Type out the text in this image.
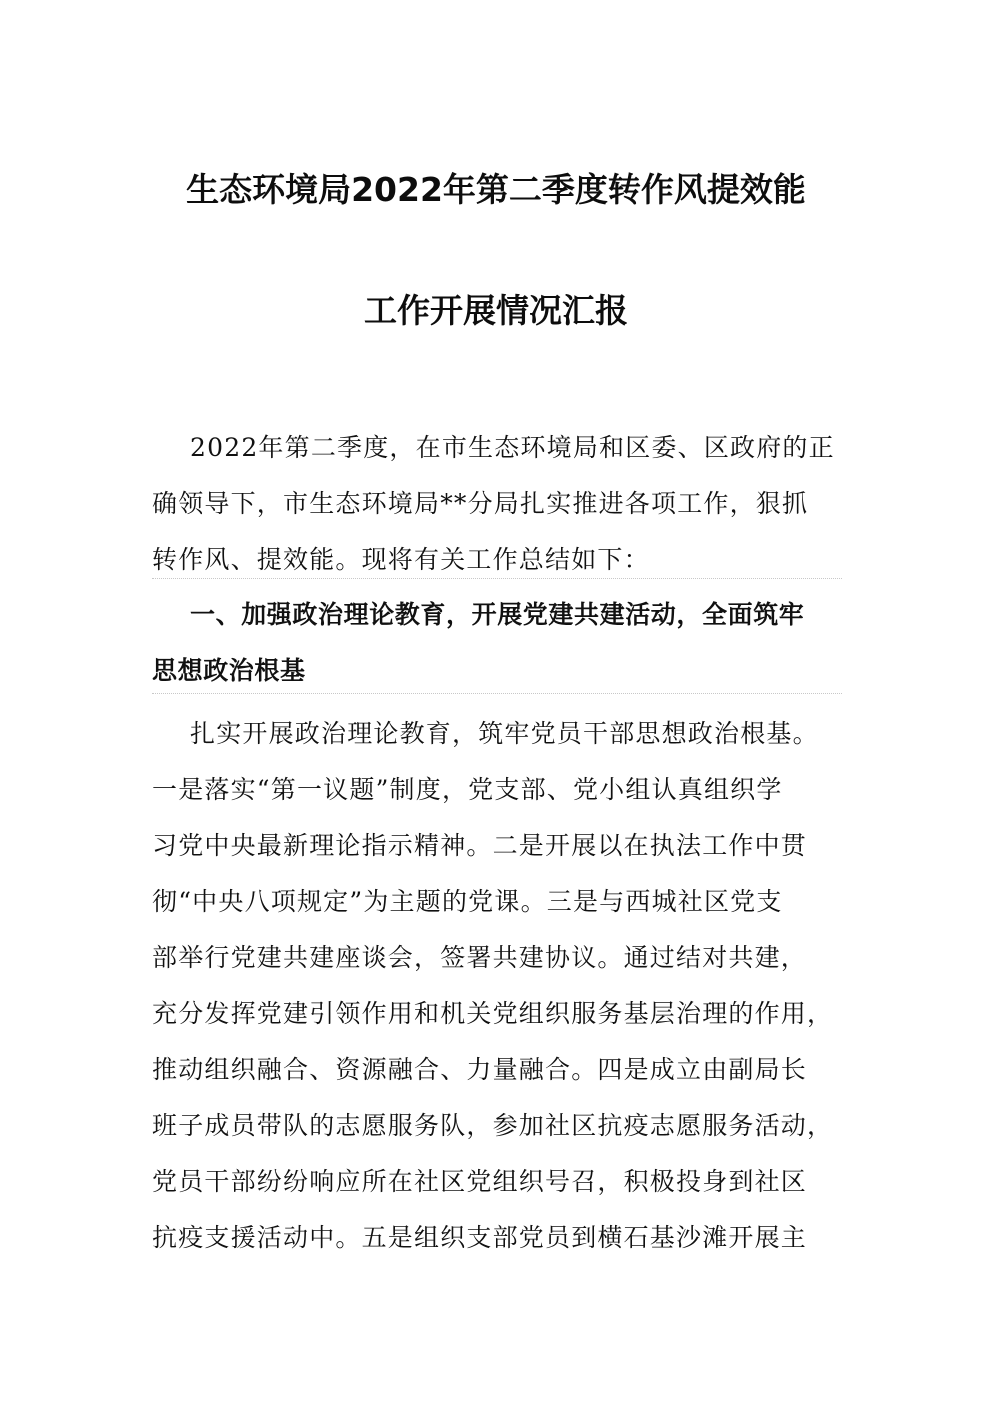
生态环境局2022年第二季度转作风提效能
工作开展情况汇报
2022年第二季度，在市生态环境局和区委、区政府的正
确领导下，市生态环境局**分局扎实推进各项工作，狠抓
转作风、提效能。现将有关工作总结如下：
一、加强政治理论教育，开展党建共建活动，全面筑牢
思想政治根基
扎实开展政治理论教育，筑牢党员干部思想政治根基。
一是落实“第一议题”制度，党支部、党小组认真组织学
习党中央最新理论指示精神。二是开展以在执法工作中贯
彻“中央八项规定”为主题的党课。三是与西城社区党支
部举行党建共建座谈会，签署共建协议。通过结对共建，
充分发挥党建引领作用和机关党组织服务基层治理的作用，
推动组织融合、资源融合、力量融合。四是成立由副局长
班子成员带队的志愿服务队，参加社区抗疫志愿服务活动，
党员干部纷纷响应所在社区党组织号召，积极投身到社区
抗疫支援活动中。五是组织支部党员到横石基沙滩开展主
